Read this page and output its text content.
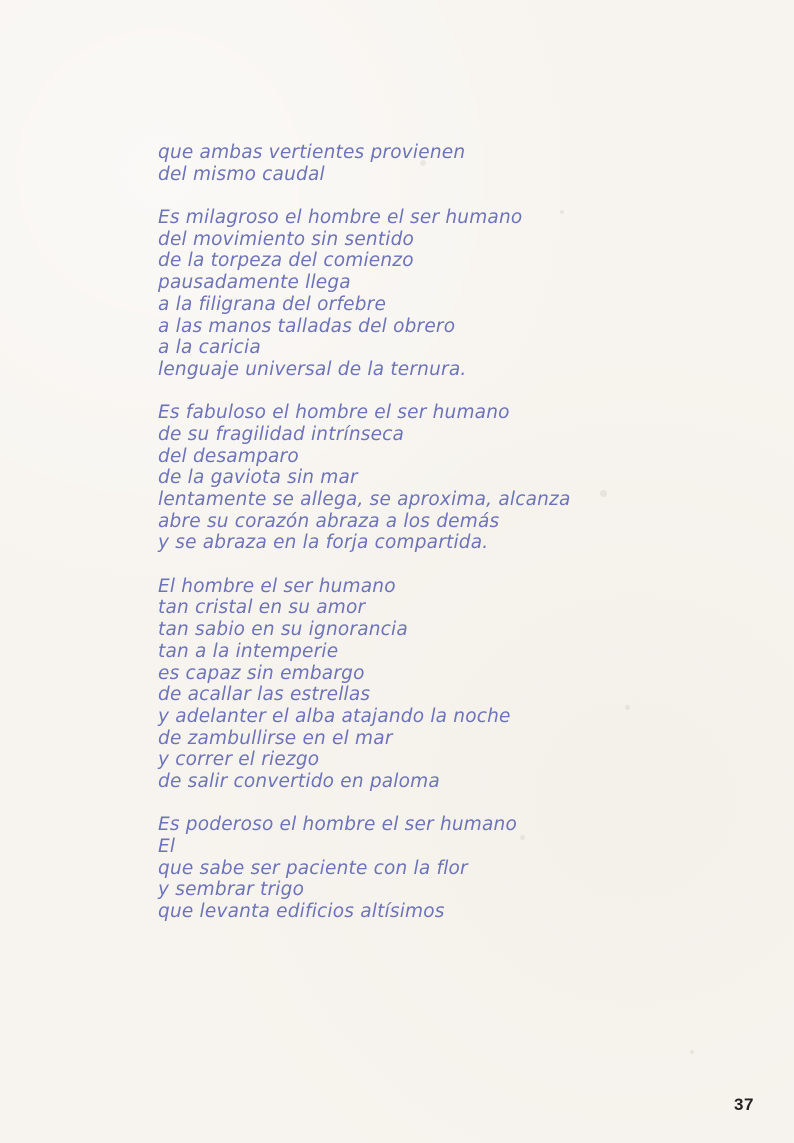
que ambas vertientes provienen
del mismo caudal
Es milagroso el hombre el ser humano
del movimiento sin sentido
de la torpeza del comienzo
pausadamente llega
a la filigrana del orfebre
a las manos talladas del obrero
a la caricia
lenguaje universal de la ternura.
Es fabuloso el hombre el ser humano
de su fragilidad intrínseca
del desamparo
de la gaviota sin mar
lentamente se allega, se aproxima, alcanza
abre su corazón abraza a los demás
y se abraza en la forja compartida.
El hombre el ser humano
tan cristal en su amor
tan sabio en su ignorancia
tan a la intemperie
es capaz sin embargo
de acallar las estrellas
y adelanter el alba atajando la noche
de zambullirse en el mar
y correr el riezgo
de salir convertido en paloma
Es poderoso el hombre el ser humano
El
que sabe ser paciente con la flor
y sembrar trigo
que levanta edificios altísimos
37
